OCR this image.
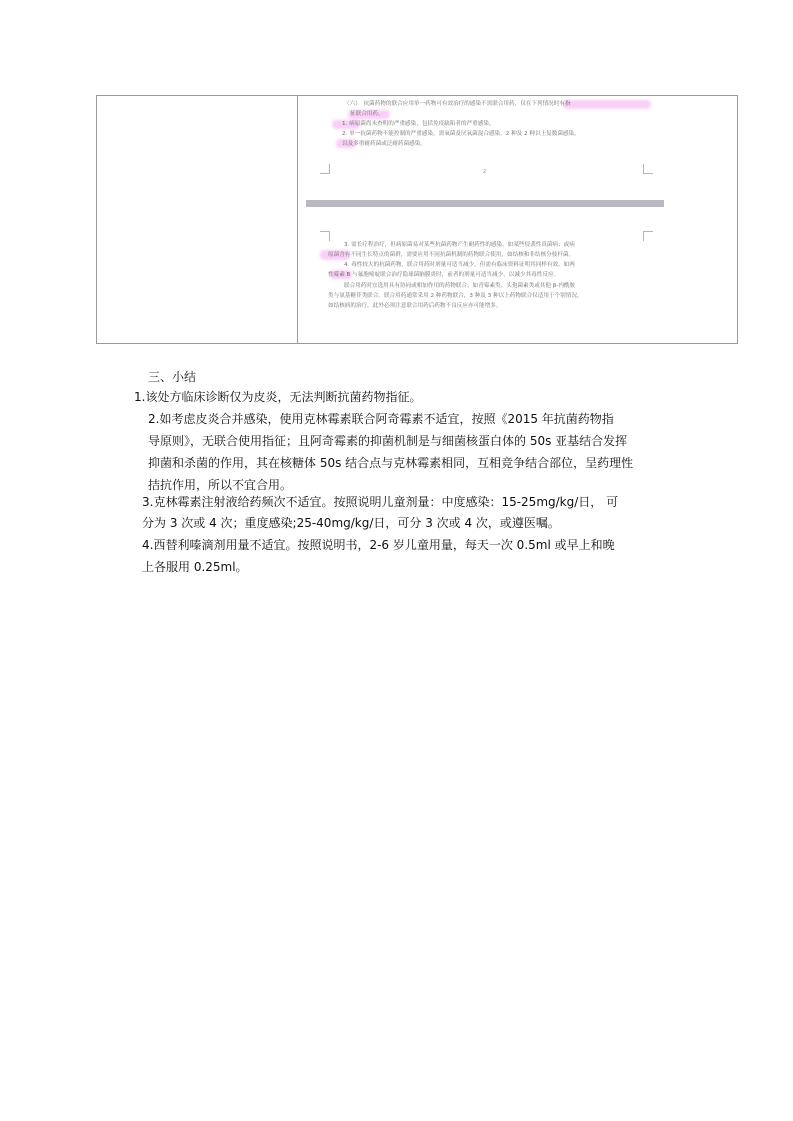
（六）　抗菌药物的联合应用单一药物可有效治疗的感染不需联合用药，仅在下列情况时有指
征联合用药。
1. 病原菌尚未查明的严重感染，包括免疫缺陷者的严重感染。
2. 单一抗菌药物不能控制的严重感染，需氧菌及厌氧菌混合感染，2 种及 2 种以上复数菌感染，
以及多重耐药菌或泛耐药菌感染。
2
3. 需长疗程治疗，但病原菌易对某些抗菌药物产生耐药性的感染，如某些侵袭性真菌病；或病
原菌含有不同生长特点的菌群，需要应用不同抗菌机制的药物联合使用，如结核和非结核分枝杆菌。
4. 毒性较大的抗菌药物，联合用药时剂量可适当减少，但需有临床资料证明其同样有效。如两
性霉素 B 与氟胞嘧啶联合治疗隐球菌脑膜炎时，前者的剂量可适当减少，以减少其毒性反应。
联合用药时宜选用具有协同或相加作用的药物联合，如青霉素类、头孢菌素类或其他 β-内酰胺
类与氨基糖苷类联合。联合用药通常采用 2 种药物联合，3 种及 3 种以上药物联合仅适用于个别情况，
如结核病的治疗。此外必须注意联合用药后药物不良反应亦可能增多。
三、小结
1.该处方临床诊断仅为皮炎，无法判断抗菌药物指征。
2.如考虑皮炎合并感染，使用克林霉素联合阿奇霉素不适宜，按照《2015 年抗菌药物指
导原则》，无联合使用指征；且阿奇霉素的抑菌机制是与细菌核蛋白体的 50s 亚基结合发挥
抑菌和杀菌的作用，其在核糖体 50s 结合点与克林霉素相同，互相竞争结合部位，呈药理性
拮抗作用，所以不宜合用。
3.克林霉素注射液给药频次不适宜。按照说明儿童剂量：中度感染：15-25mg/kg/日， 可
分为 3 次或 4 次；重度感染;25-40mg/kg/日，可分 3 次或 4 次，或遵医嘱。
4.西替利嗪滴剂用量不适宜。按照说明书，2-6 岁儿童用量，每天一次 0.5ml 或早上和晚
上各服用 0.25ml。
